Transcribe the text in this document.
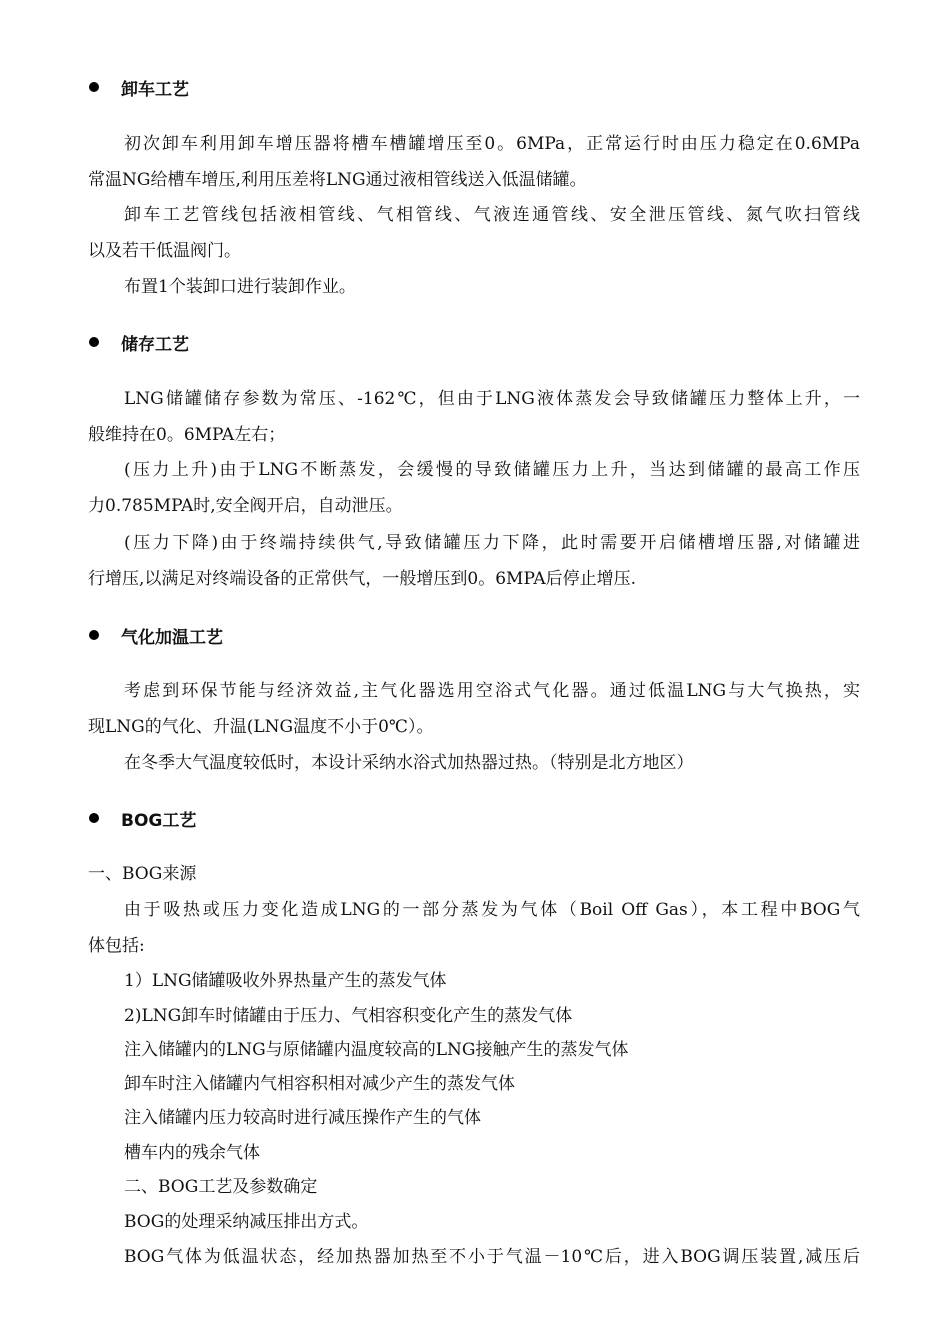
卸车工艺
初次卸车利用卸车增压器将槽车槽罐增压至0。6MPa，正常运行时由压力稳定在0.6MPa
常温NG给槽车增压,利用压差将LNG通过液相管线送入低温储罐。
卸车工艺管线包括液相管线、气相管线、气液连通管线、安全泄压管线、氮气吹扫管线
以及若干低温阀门。
布置1个装卸口进行装卸作业。
储存工艺
LNG储罐储存参数为常压、-162℃，但由于LNG液体蒸发会导致储罐压力整体上升，一
般维持在0。6MPA左右；
(压力上升)由于LNG不断蒸发，会缓慢的导致储罐压力上升，当达到储罐的最高工作压
力0.785MPA时,安全阀开启，自动泄压。
(压力下降)由于终端持续供气,导致储罐压力下降，此时需要开启储槽增压器,对储罐进
行增压,以满足对终端设备的正常供气，一般增压到0。6MPA后停止增压.
气化加温工艺
考虑到环保节能与经济效益,主气化器选用空浴式气化器。通过低温LNG与大气换热，实
现LNG的气化、升温(LNG温度不小于0℃）。
在冬季大气温度较低时，本设计采纳水浴式加热器过热。（特别是北方地区）
BOG工艺
一、BOG来源
由于吸热或压力变化造成LNG的一部分蒸发为气体（Boil Off Gas），本工程中BOG气
体包括:
1）LNG储罐吸收外界热量产生的蒸发气体
2)LNG卸车时储罐由于压力、气相容积变化产生的蒸发气体
注入储罐内的LNG与原储罐内温度较高的LNG接触产生的蒸发气体
卸车时注入储罐内气相容积相对减少产生的蒸发气体
注入储罐内压力较高时进行减压操作产生的气体
槽车内的残余气体
二、BOG工艺及参数确定
BOG的处理采纳减压排出方式。
BOG气体为低温状态，经加热器加热至不小于气温－10℃后，进入BOG调压装置,减压后
